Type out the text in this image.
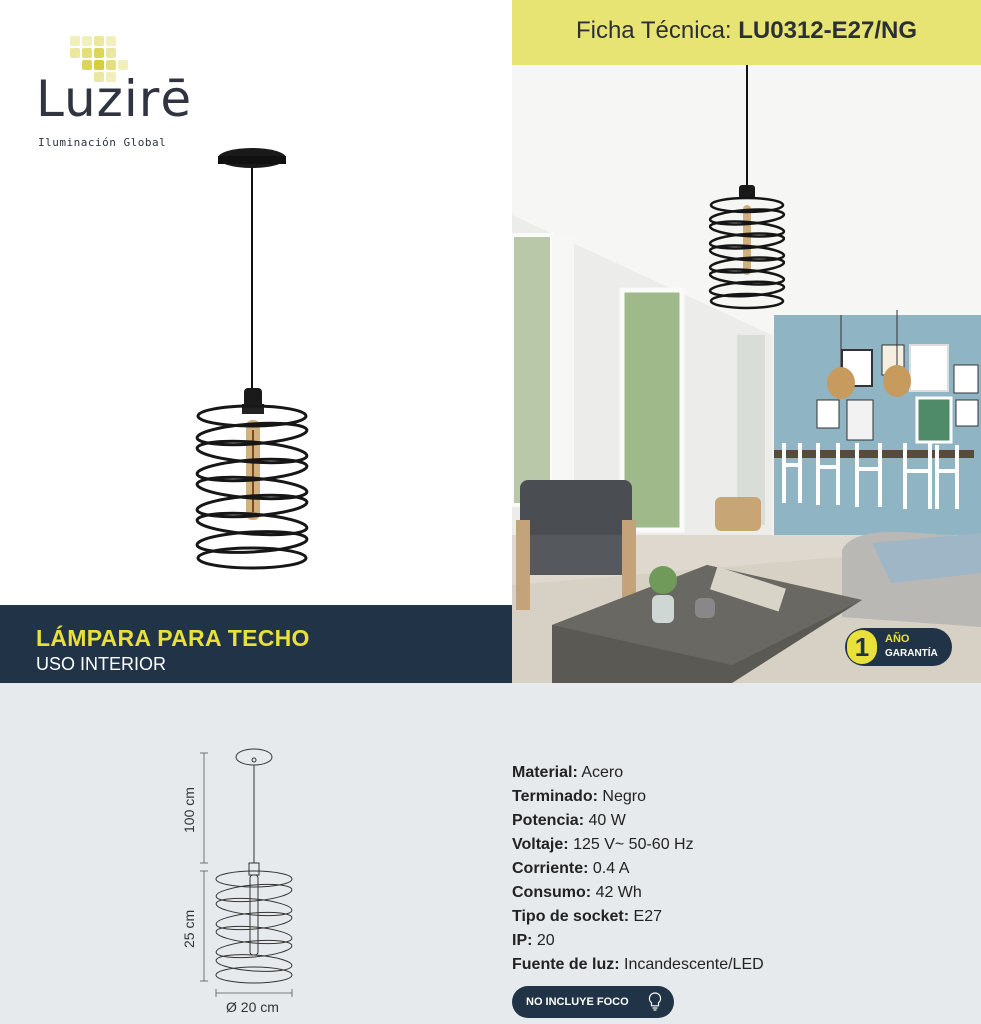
Luzirē
Iluminación Global
LÁMPARA PARA TECHO
USO INTERIOR
Ficha Técnica: LU0312-E27/NG
1	AÑO
GARANTÍA
100 cm
25 cm
Ø 20 cm
Material: Acero
Terminado: Negro
Potencia: 40 W
Voltaje: 125 V~ 50-60 Hz
Corriente: 0.4 A
Consumo: 42 Wh
Tipo de socket: E27
IP: 20
Fuente de luz: Incandescente/LED
NO INCLUYE FOCO
